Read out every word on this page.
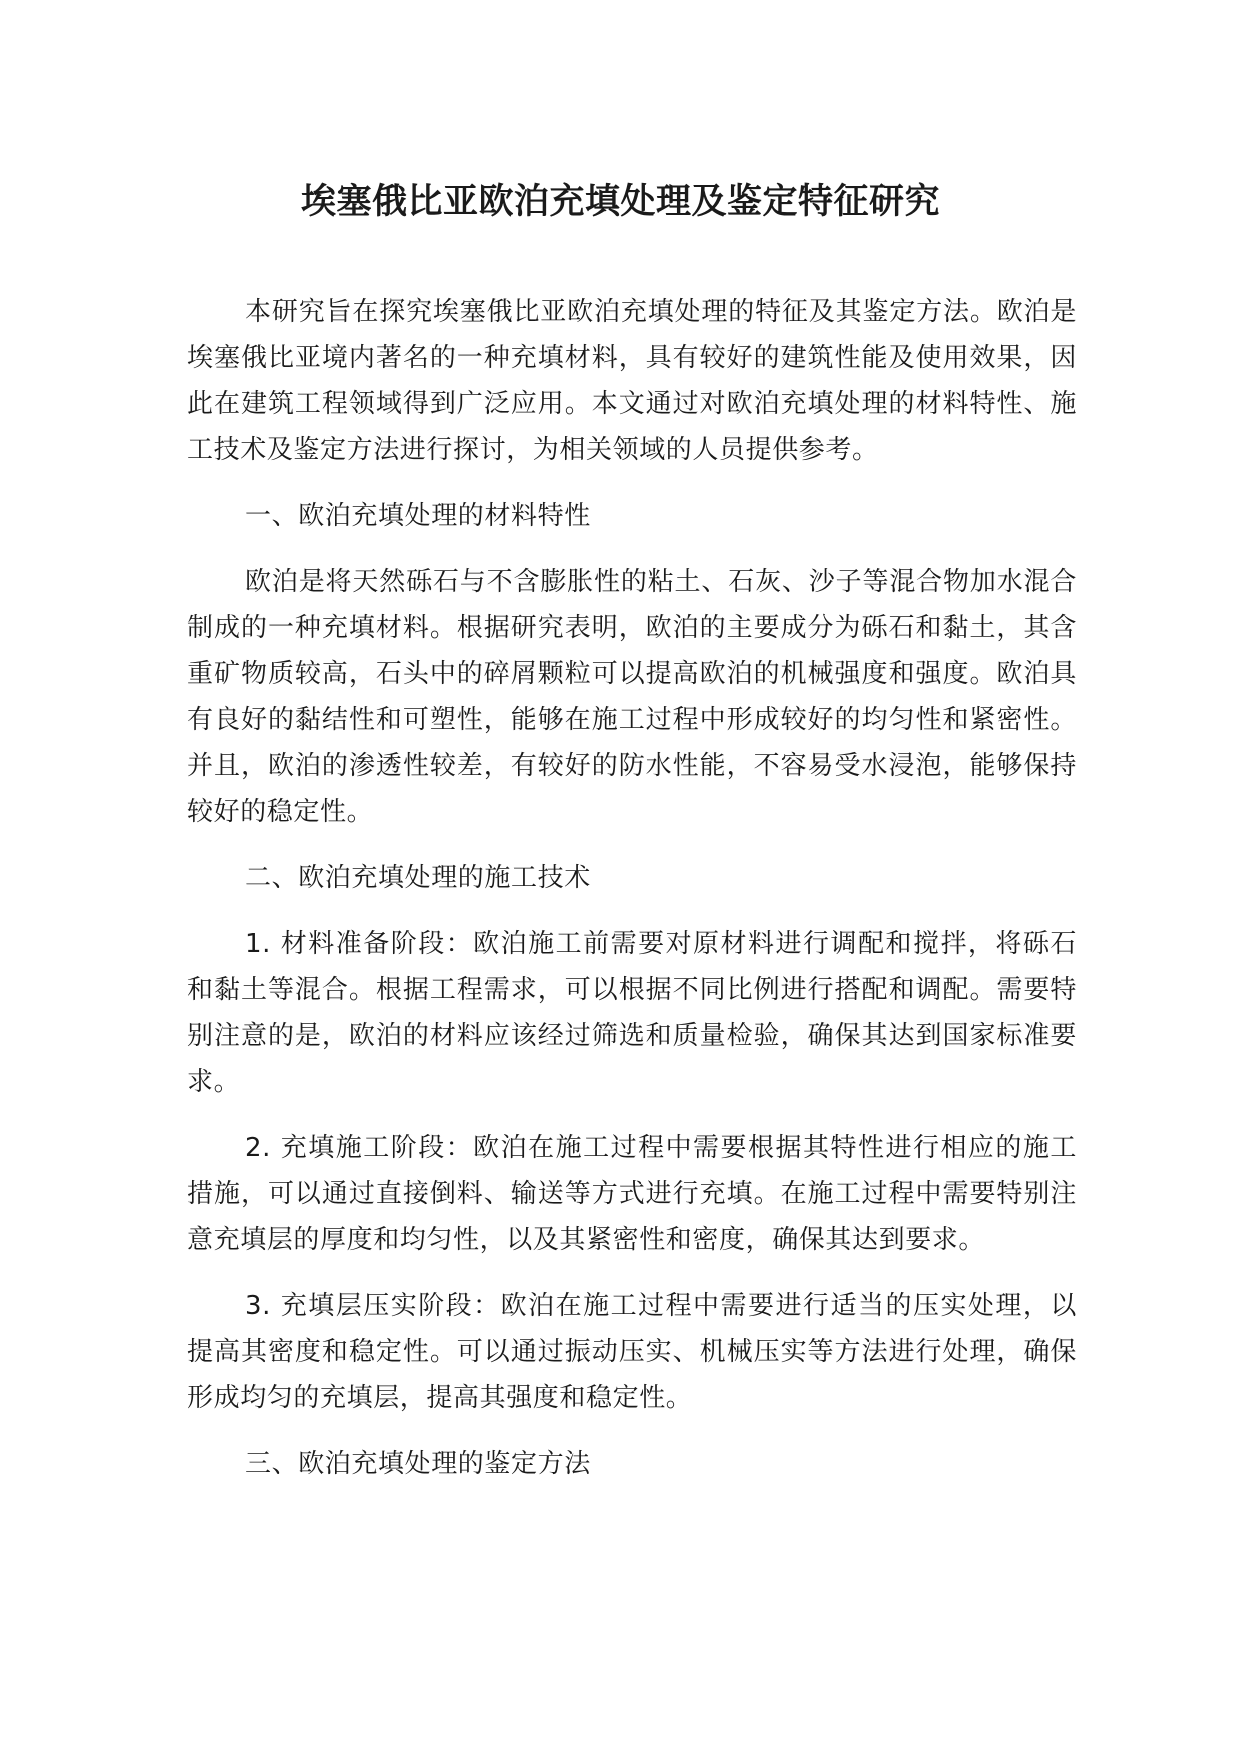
埃塞俄比亚欧泊充填处理及鉴定特征研究

本研究旨在探究埃塞俄比亚欧泊充填处理的特征及其鉴定方法。欧泊是埃塞俄比亚境内著名的一种充填材料，具有较好的建筑性能及使用效果，因此在建筑工程领域得到广泛应用。本文通过对欧泊充填处理的材料特性、施工技术及鉴定方法进行探讨，为相关领域的人员提供参考。

一、欧泊充填处理的材料特性

欧泊是将天然砾石与不含膨胀性的粘土、石灰、沙子等混合物加水混合制成的一种充填材料。根据研究表明，欧泊的主要成分为砾石和黏土，其含重矿物质较高，石头中的碎屑颗粒可以提高欧泊的机械强度和强度。欧泊具有良好的黏结性和可塑性，能够在施工过程中形成较好的均匀性和紧密性。并且，欧泊的渗透性较差，有较好的防水性能，不容易受水浸泡，能够保持较好的稳定性。

二、欧泊充填处理的施工技术

1. 材料准备阶段：欧泊施工前需要对原材料进行调配和搅拌，将砾石和黏土等混合。根据工程需求，可以根据不同比例进行搭配和调配。需要特别注意的是，欧泊的材料应该经过筛选和质量检验，确保其达到国家标准要求。

2. 充填施工阶段：欧泊在施工过程中需要根据其特性进行相应的施工措施，可以通过直接倒料、输送等方式进行充填。在施工过程中需要特别注意充填层的厚度和均匀性，以及其紧密性和密度，确保其达到要求。

3. 充填层压实阶段：欧泊在施工过程中需要进行适当的压实处理，以提高其密度和稳定性。可以通过振动压实、机械压实等方法进行处理，确保形成均匀的充填层，提高其强度和稳定性。

三、欧泊充填处理的鉴定方法
